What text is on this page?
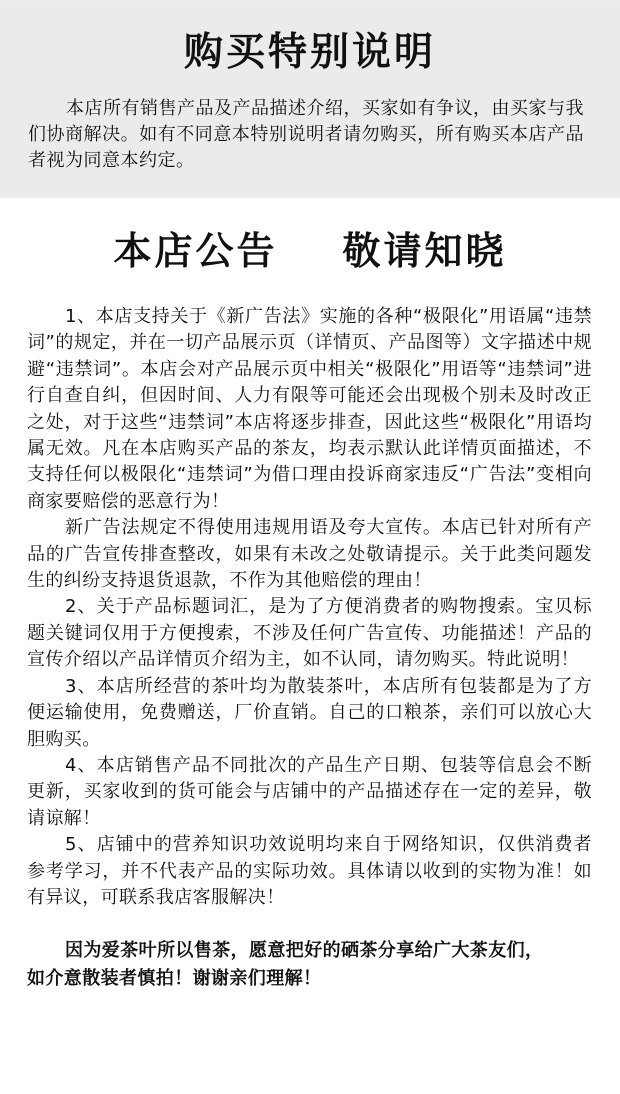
购买特别说明

本店所有销售产品及产品描述介绍，买家如有争议，由买家与我们协商解决。如有不同意本特别说明者请勿购买，所有购买本店产品者视为同意本约定。

本店公告    敬请知晓

1、本店支持关于《新广告法》实施的各种“极限化”用语属“违禁词”的规定，并在一切产品展示页（详情页、产品图等）文字描述中规避“违禁词”。本店会对产品展示页中相关“极限化”用语等“违禁词”进行自查自纠，但因时间、人力有限等可能还会出现极个别未及时改正之处，对于这些“违禁词”本店将逐步排查，因此这些“极限化”用语均属无效。凡在本店购买产品的茶友，均表示默认此详情页面描述，不支持任何以极限化“违禁词”为借口理由投诉商家违反“广告法”变相向商家要赔偿的恶意行为！

新广告法规定不得使用违规用语及夸大宣传。本店已针对所有产品的广告宣传排查整改，如果有未改之处敬请提示。关于此类问题发生的纠纷支持退货退款，不作为其他赔偿的理由！

2、关于产品标题词汇，是为了方便消费者的购物搜索。宝贝标题关键词仅用于方便搜索，不涉及任何广告宣传、功能描述！产品的宣传介绍以产品详情页介绍为主，如不认同，请勿购买。特此说明！

3、本店所经营的茶叶均为散装茶叶，本店所有包装都是为了方便运输使用，免费赠送，厂价直销。自己的口粮茶，亲们可以放心大胆购买。

4、本店销售产品不同批次的产品生产日期、包装等信息会不断更新，买家收到的货可能会与店铺中的产品描述存在一定的差异，敬请谅解！

5、店铺中的营养知识功效说明均来自于网络知识，仅供消费者参考学习，并不代表产品的实际功效。具体请以收到的实物为准！如有异议，可联系我店客服解决！

因为爱茶叶所以售茶，愿意把好的硒茶分享给广大茶友们，

如介意散装者慎拍！谢谢亲们理解！
